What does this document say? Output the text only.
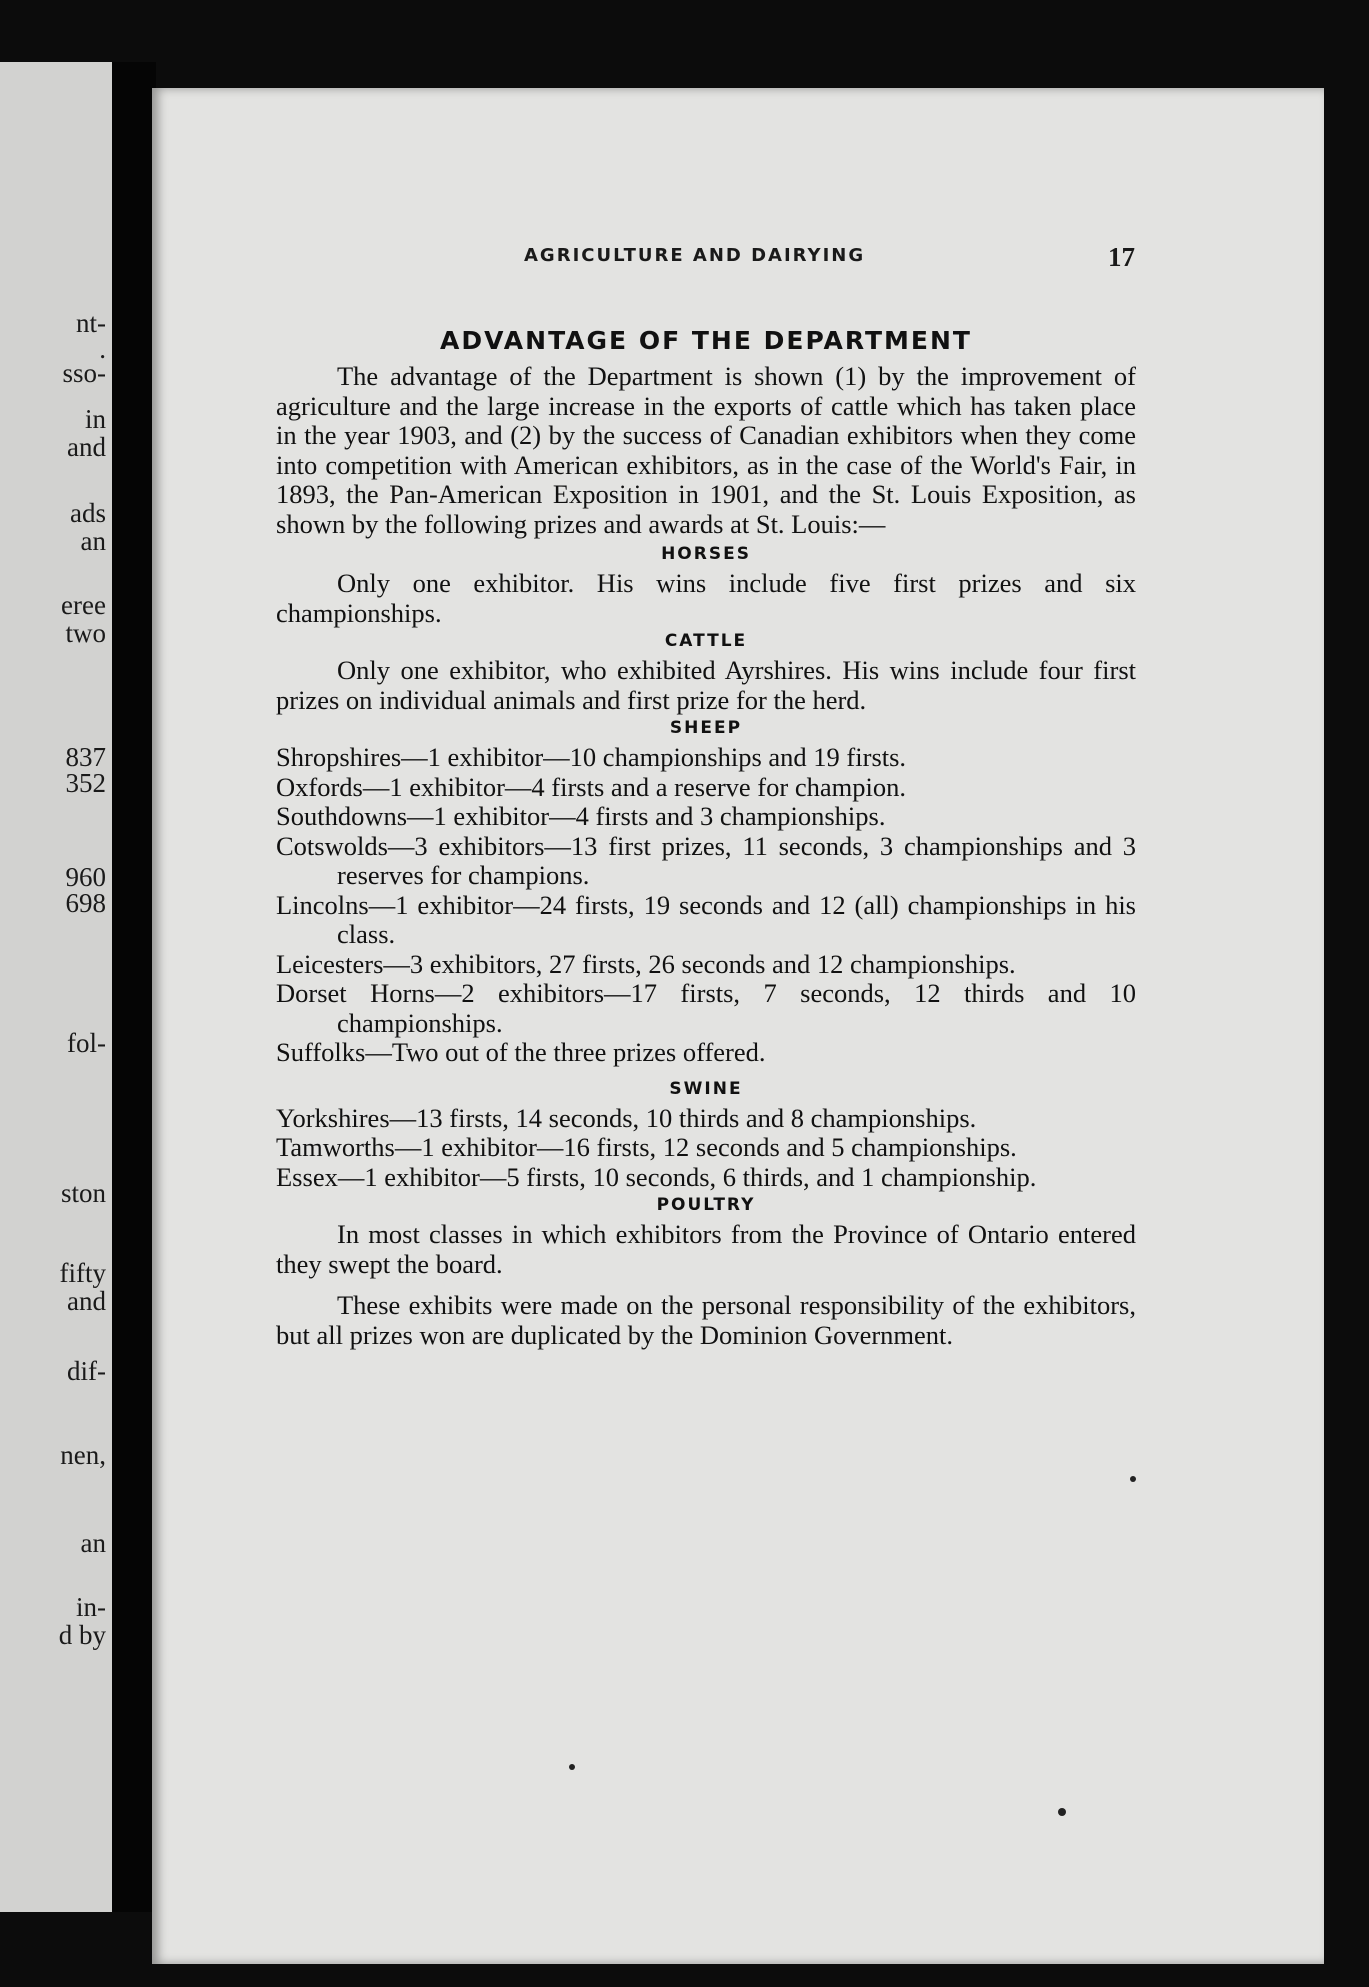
nt-
.
sso-
in
and
ads
an
eree
two
837
352
960
698
fol-
ston
fifty
and
dif-
nen,
an
in-
d by
AGRICULTURE AND DAIRYING	17
ADVANTAGE OF THE DEPARTMENT

The advantage of the Department is shown (1) by the improvement of agriculture and the large increase in the exports of cattle which has taken place in the year 1903, and (2) by the success of Canadian exhibitors when they come into competition with American exhibitors, as in the case of the World's Fair, in 1893, the Pan-American Exposition in 1901, and the St. Louis Exposition, as shown by the following prizes and awards at St. Louis:—

HORSES

Only one exhibitor. His wins include five first prizes and six championships.

CATTLE

Only one exhibitor, who exhibited Ayrshires. His wins include four first prizes on individual animals and first prize for the herd.

SHEEP

Shropshires—1 exhibitor—10 championships and 19 firsts.

Oxfords—1 exhibitor—4 firsts and a reserve for champion.

Southdowns—1 exhibitor—4 firsts and 3 championships.

Cotswolds—3 exhibitors—13 first prizes, 11 seconds, 3 championships and 3 reserves for champions.

Lincolns—1 exhibitor—24 firsts, 19 seconds and 12 (all) championships in his class.

Leicesters—3 exhibitors, 27 firsts, 26 seconds and 12 championships.

Dorset Horns—2 exhibitors—17 firsts, 7 seconds, 12 thirds and 10 championships.

Suffolks—Two out of the three prizes offered.

SWINE

Yorkshires—13 firsts, 14 seconds, 10 thirds and 8 championships.

Tamworths—1 exhibitor—16 firsts, 12 seconds and 5 championships.

Essex—1 exhibitor—5 firsts, 10 seconds, 6 thirds, and 1 championship.

POULTRY

In most classes in which exhibitors from the Province of Ontario entered they swept the board.

These exhibits were made on the personal responsibility of the exhibitors, but all prizes won are duplicated by the Dominion Government.
